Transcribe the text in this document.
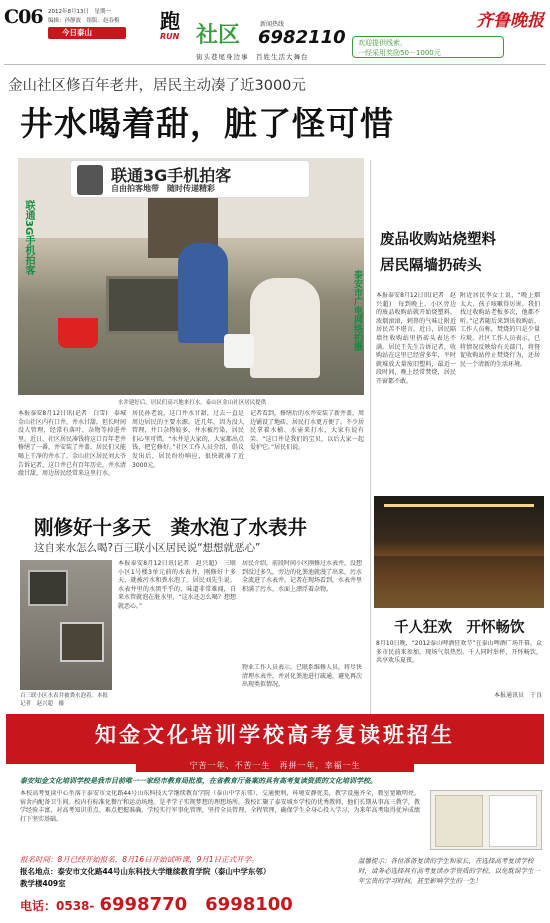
C06 2012年8月13日　星期一
编辑：孙静波　组版：赵春梅
今日泰山
齐鲁晚报
跑
RUN 社区	新闻热线
6982110
街头巷尾身边事　百姓生活大舞台
欢迎提供线索，
一经采用奖励50－1000元
金山社区修百年老井，居民主动凑了近3000元
井水喝着甜，脏了怪可惜
联通3G手机拍客
自由拍客地带　随时传递精彩
联通3G手机拍客
泰安市广电网络拍摄
水井建好后，居民们高兴地来打水。泰山区金山社区居民提供
本报泰安8月12日讯(记者　白雪)　泰城金山社区内有口井，井水甘甜，但长时间没人管理，经常有落叶、杂物等掉进井里。近日，社区居民凑钱将这口百年老井修缮了一番，并安装了井盖，居民们又能喝上干净的井水了。金山社区居民刘大爷告诉记者，这口井已有百年历史，井水清澈甘甜，周边居民经常来这里打水。
居民孙老说，这口井水甘甜，过去一直是周边居民的主要水源。近几年，因为没人管理，井口杂物较多，井水被污染，居民们心里可惜。“水井是大家的，大家都出点钱，把它修好。”社区工作人员介绍，倡议发出后，居民纷纷响应，很快就凑了近3000元。
记者看到，修缮后的水井安装了新井盖，周边铺设了地砖，居民打水更方便了。不少居民拿着水桶、水壶来打水，大家有说有笑。“这口井是我们的宝贝，以后大家一起爱护它。”居民们说。
废品收购站烧塑料
居民隔墙扔砖头
本报泰安8月12日讯(记者　赵兴超)　每到晚上，小区旁边的废品收购站就开始烧塑料，浓烟滚滚，刺鼻的气味让附近居民苦不堪言。近日，居民隔墙往收购站里扔砖头表达不满。居民王先生告诉记者，收购站在这里已经营多年，平时就堆放大量废旧塑料，最近一段时间，晚上经常焚烧，居民开窗都不敢。
附近居民李女士说，“晚上烟太大，孩子咳嗽得厉害。我们找过收购站老板多次，他都不听。”记者随后来到该收购站，工作人员称，焚烧的只是少量垃圾。社区工作人员表示，已将情况反映给有关部门，将督促收购站停止焚烧行为，还居民一个清新的生活环境。
刚修好十多天　粪水泡了水表井
这自来水怎么喝?百三联小区居民说“想想就恶心”
百三联小区水表井被粪水泡着。本报记者　赵兴超　摄
本报泰安8月12日讯(记者　赵兴超)　三联小区1号楼3单元前的水表井，刚修好十多天，就被污水和粪水泡了。居民刘先生说，水表井里的水黑乎乎的，味道非常难闻，自来水管就泡在脏水里，“这水还怎么喝？想想就恶心。”
居民介绍，前段时间小区刚修过水表井，没想到没过多久，旁边的化粪池就漫了出来，污水全流进了水表井。记者在现场看到，水表井里积满了污水，水面上漂浮着杂物。
物业工作人员表示，已联系维修人员，将尽快清理水表井，并对化粪池进行疏通，避免再次出现类似情况。
千人狂欢　开怀畅饮
8月10日晚，“2012泰山啤酒狂欢节”在泰山啤酒广场开幕，众多市民前来参加，现场气氛热烈。千人同时举杯，开怀畅饮，共享欢乐夏夜。
本报通讯员　于良
知金文化培训学校高考复读班招生
宁苦一年、不苦一生　再拼一年，幸福一生
泰安知金文化培训学校是我市目前唯一一家经市教育局批准，在省教育厅备案的具有高考复读资质的文化培训学校。
本校高考复读中心坐落于泰安市文化路44号山东科技大学继续教育学院（泰山中学东邻），交通便利，环境安静优美，教学设施齐全，教室宽敞明亮，宿舍内配备卫生间。校内有标准化餐厅和运动场地。是孝学子实现梦想的理想场所。我校汇聚了泰安城乡学校的优秀教师，他们长期从事高三教学，教学经验丰富，对高考知识重点、难点把握准确。学校实行军事化管理，坚持全员管理、全程管理，确保学生全身心投入学习，为来年高考取得优异成绩打下坚实基础。
报名时间：8月已经开始报名，8月16日开始试听课，9月1日正式开学。
报名地点：泰安市文化路44号山东科技大学继续教育学院（泰山中学东邻）
教学楼409室
电话：0538- 6998770　6998100
温馨提示：各位准备复读的学生和家长，在选择高考复读学校时，请务必选择具有高考复读办学资质的学校，以免耽误学生一年宝贵的学习时间，甚至影响学生的一生！
